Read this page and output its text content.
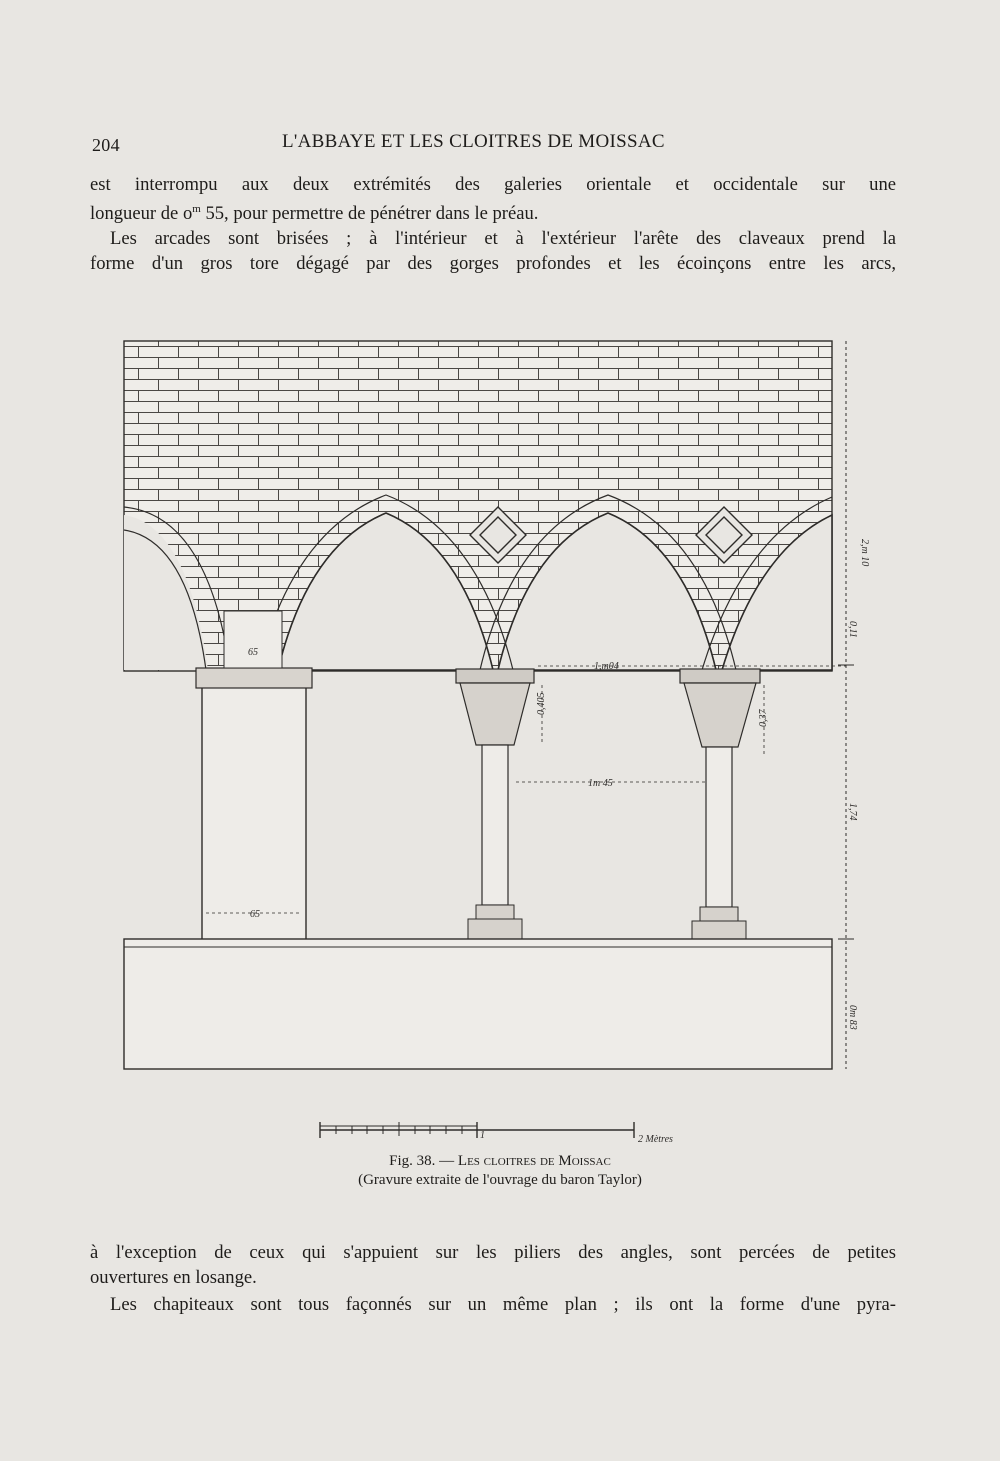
204	L'ABBAYE ET LES CLOITRES DE MOISSAC
est interrompu aux deux extrémités des galeries orientale et occidentale sur une
longueur de $o^m$ 55, pour permettre de pénétrer dans le préau.
Les arcades sont brisées ; à l'intérieur et à l'extérieur l'arête des claveaux prend la
forme d'un gros tore dégagé par des gorges profondes et les écoinçons entre les arcs,
65
65
1,m04
1m 45
0,405
0,37
2,m 10
0,11
1,74
0m 83
1	2 Mètres
Fig. 38. — Les cloitres de Moissac
(Gravure extraite de l'ouvrage du baron Taylor)
à l'exception de ceux qui s'appuient sur les piliers des angles, sont percées de petites
ouvertures en losange.
Les chapiteaux sont tous façonnés sur un même plan ; ils ont la forme d'une pyra-
